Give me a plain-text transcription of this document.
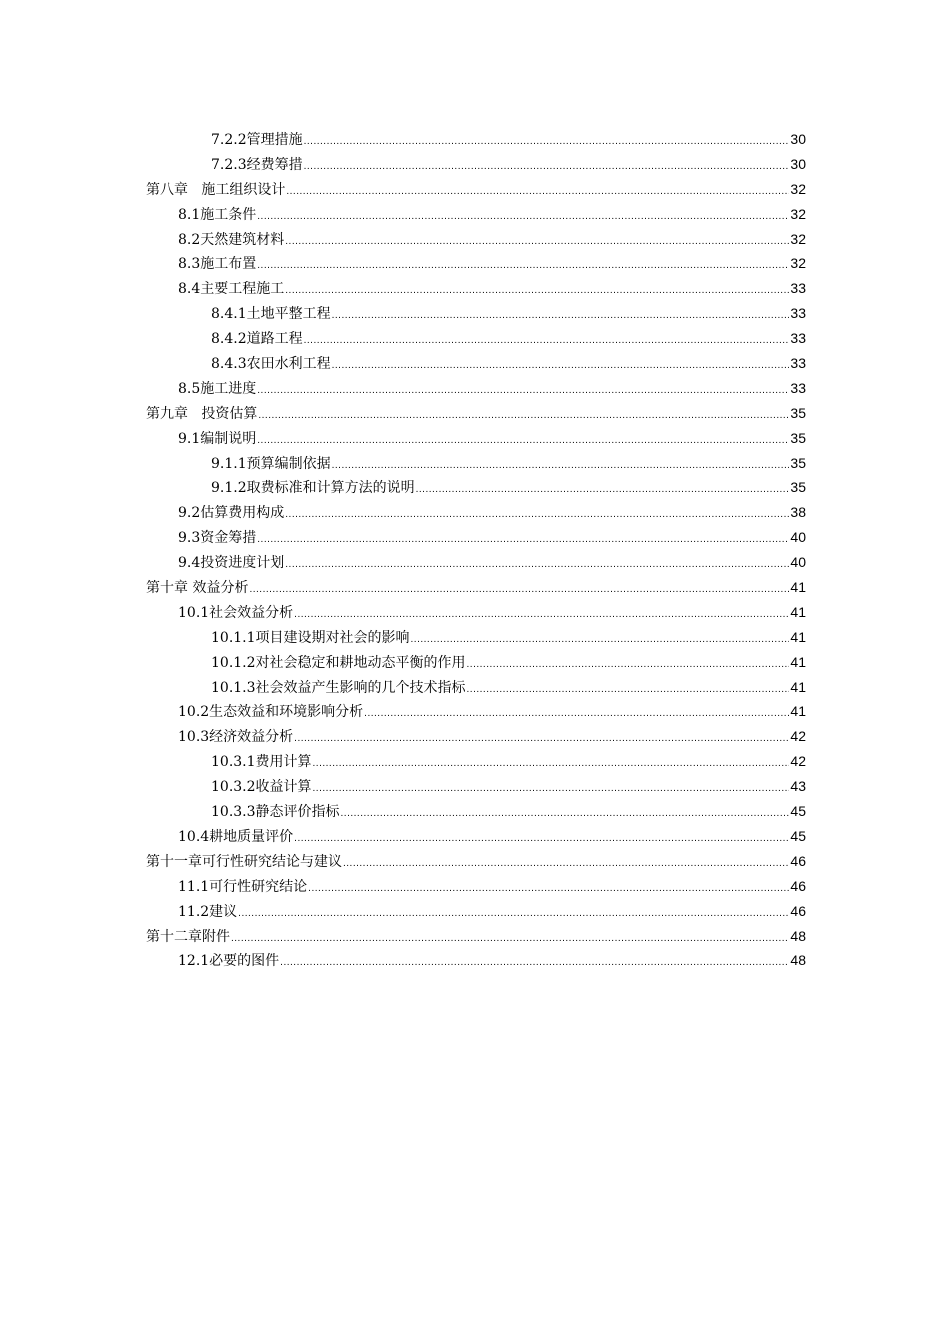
7.2.2管理措施 .....	30
7.2.3经费筹措 .....	30
第八章   施工组织设计 .....	32
8.1施工条件 .....	32
8.2天然建筑材料 .....	32
8.3施工布置 .....	32
8.4主要工程施工 .....	33
8.4.1土地平整工程 .....	33
8.4.2道路工程 .....	33
8.4.3农田水利工程 .....	33
8.5施工进度 .....	33
第九章   投资估算 .....	35
9.1编制说明 .....	35
9.1.1预算编制依据 .....	35
9.1.2取费标准和计算方法的说明 .....	35
9.2估算费用构成 .....	38
9.3资金筹措 .....	40
9.4投资进度计划 .....	40
第十章 效益分析 .....	41
10.1社会效益分析 .....	41
10.1.1项目建设期对社会的影响 .....	41
10.1.2对社会稳定和耕地动态平衡的作用 .....	41
10.1.3社会效益产生影响的几个技术指标 .....	41
10.2生态效益和环境影响分析 .....	41
10.3经济效益分析 .....	42
10.3.1费用计算 .....	42
10.3.2收益计算 .....	43
10.3.3静态评价指标 .....	45
10.4耕地质量评价 .....	45
第十一章可行性研究结论与建议 .....	46
11.1可行性研究结论 .....	46
11.2建议 .....	46
第十二章附件 .....	48
12.1必要的图件 .....	48
